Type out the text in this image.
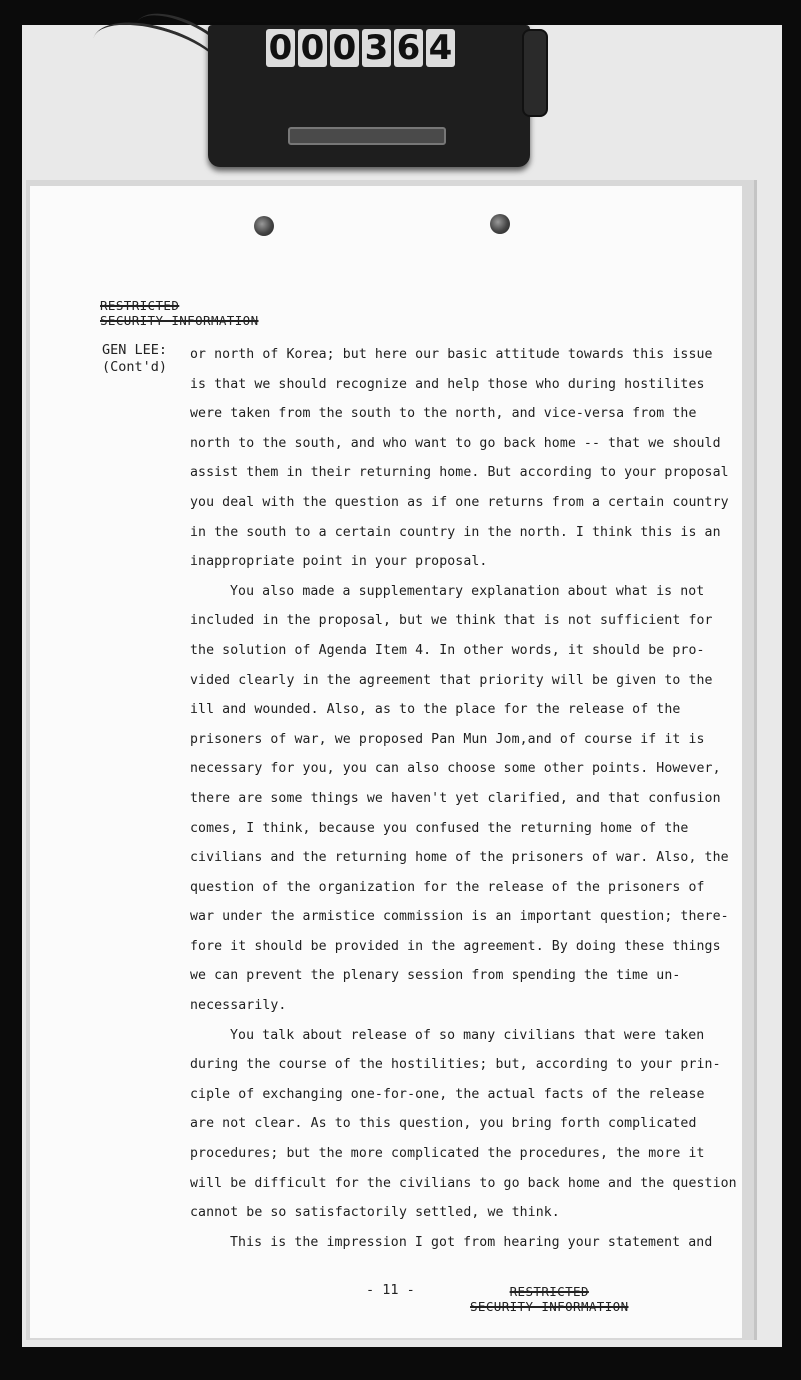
0 0 0 3 6 4
RESTRICTED
SECURITY INFORMATION
GEN LEE:
(Cont'd)
or north of Korea; but here our basic attitude towards this issue
is that we should recognize and help those who during hostilites
were taken from the south to the north, and vice-versa from the
north to the south, and who want to go back home -- that we should
assist them in their returning home. But according to your proposal
you deal with the question as if one returns from a certain country
in the south to a certain country in the north. I think this is an
inappropriate point in your proposal.
You also made a supplementary explanation about what is not
included in the proposal, but we think that is not sufficient for
the solution of Agenda Item 4. In other words, it should be pro-
vided clearly in the agreement that priority will be given to the
ill and wounded. Also, as to the place for the release of the
prisoners of war, we proposed Pan Mun Jom,and of course if it is
necessary for you, you can also choose some other points. However,
there are some things we haven't yet clarified, and that confusion
comes, I think, because you confused the returning home of the
civilians and the returning home of the prisoners of war. Also, the
question of the organization for the release of the prisoners of
war under the armistice commission is an important question; there-
fore it should be provided in the agreement. By doing these things
we can prevent the plenary session from spending the time un-
necessarily.
You talk about release of so many civilians that were taken
during the course of the hostilities; but, according to your prin-
ciple of exchanging one-for-one, the actual facts of the release
are not clear. As to this question, you bring forth complicated
procedures; but the more complicated the procedures, the more it
will be difficult for the civilians to go back home and the question
cannot be so satisfactorily settled, we think.
This is the impression I got from hearing your statement and
- 11 -	RESTRICTED
SECURITY INFORMATION
